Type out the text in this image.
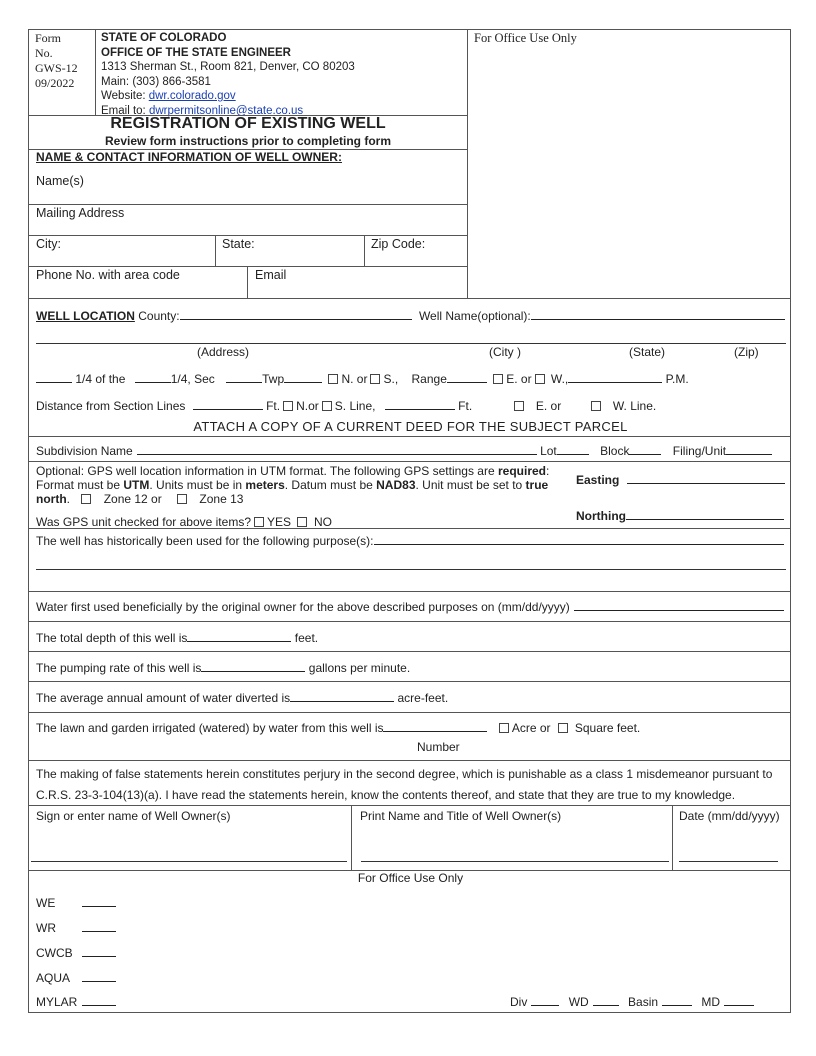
Form
No.
GWS-12
09/2022
STATE OF COLORADO
OFFICE OF THE STATE ENGINEER
1313 Sherman St., Room 821, Denver, CO 80203
Main: (303) 866-3581
Website: dwr.colorado.gov
Email to: dwrpermitsonline@state.co.us
For Office Use Only
REGISTRATION OF EXISTING WELL
Review form instructions prior to completing form
NAME & CONTACT INFORMATION OF WELL OWNER:
Name(s)
Mailing Address
City:	State:	Zip Code:
Phone No. with area code	Email
WELL LOCATION County:	Well Name(optional):
(Address)	(City )	(State)	(Zip)
1/4 of the	1/4, Sec	Twp	N. or S., Range	E. or W.,	P.M.
Distance from Section Lines	Ft. N.or S. Line,	Ft.	E. or	W. Line.
ATTACH A COPY OF A CURRENT DEED FOR THE SUBJECT PARCEL
Subdivision Name	Lot	Block	Filing/Unit
Optional: GPS well location information in UTM format. The following GPS settings are required: Format must be UTM. Units must be in meters. Datum must be NAD83. Unit must be set to true north.	Zone 12 or	Zone 13
Was GPS unit checked for above items? YES NO
Easting
Northing
The well has historically been used for the following purpose(s):
Water first used beneficially by the original owner for the above described purposes on (mm/dd/yyyy)
The total depth of this well is	feet.
The pumping rate of this well is	gallons per minute.
The average annual amount of water diverted is	acre-feet.
The lawn and garden irrigated (watered) by water from this well is	Acre or Square feet.
Number
The making of false statements herein constitutes perjury in the second degree, which is punishable as a class 1 misdemeanor pursuant to
C.R.S. 23-3-104(13)(a). I have read the statements herein, know the contents thereof, and state that they are true to my knowledge.
Sign or enter name of Well Owner(s)	Print Name and Title of Well Owner(s)	Date (mm/dd/yyyy)
For Office Use Only
WE
WR
CWCB
AQUA
MYLAR	Div	WD	Basin	MD
